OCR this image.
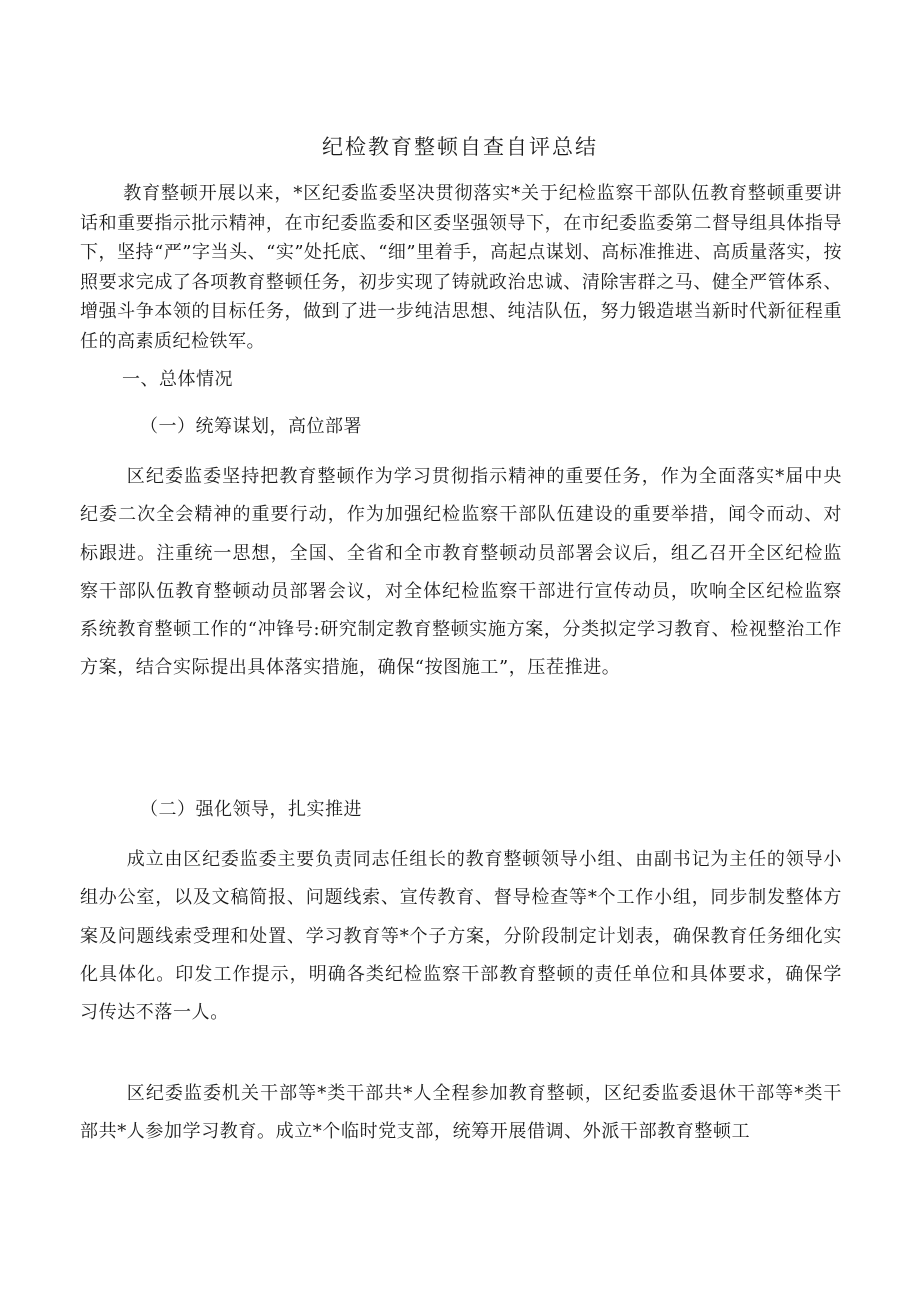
纪检教育整顿自查自评总结

教育整顿开展以来，*区纪委监委坚决贯彻落实*关于纪检监察干部队伍教育整顿重要讲话和重要指示批示精神，在市纪委监委和区委坚强领导下，在市纪委监委第二督导组具体指导下，坚持“严”字当头、“实”处托底、“细”里着手，高起点谋划、高标准推进、高质量落实，按照要求完成了各项教育整顿任务，初步实现了铸就政治忠诚、清除害群之马、健全严管体系、增强斗争本领的目标任务，做到了进一步纯洁思想、纯洁队伍，努力锻造堪当新时代新征程重任的高素质纪检铁军。

一、总体情况
（一）统筹谋划，高位部署

区纪委监委坚持把教育整顿作为学习贯彻指示精神的重要任务，作为全面落实*届中央纪委二次全会精神的重要行动，作为加强纪检监察干部队伍建设的重要举措，闻令而动、对标跟进。注重统一思想，全国、全省和全市教育整顿动员部署会议后，组乙召开全区纪检监察干部队伍教育整顿动员部署会议，对全体纪检监察干部进行宣传动员，吹响全区纪检监察系统教育整顿工作的“冲锋号:研究制定教育整顿实施方案，分类拟定学习教育、检视整治工作方案，结合实际提出具体落实措施，确保“按图施工”，压茬推进。

（二）强化领导，扎实推进

成立由区纪委监委主要负责同志任组长的教育整顿领导小组、由副书记为主任的领导小组办公室，以及文稿简报、问题线索、宣传教育、督导检查等*个工作小组，同步制发整体方案及问题线索受理和处置、学习教育等*个子方案，分阶段制定计划表，确保教育任务细化实化具体化。印发工作提示，明确各类纪检监察干部教育整顿的责任单位和具体要求，确保学习传达不落一人。

区纪委监委机关干部等*类干部共*人全程参加教育整顿，区纪委监委退休干部等*类干部共*人参加学习教育。成立*个临时党支部，统筹开展借调、外派干部教育整顿工
